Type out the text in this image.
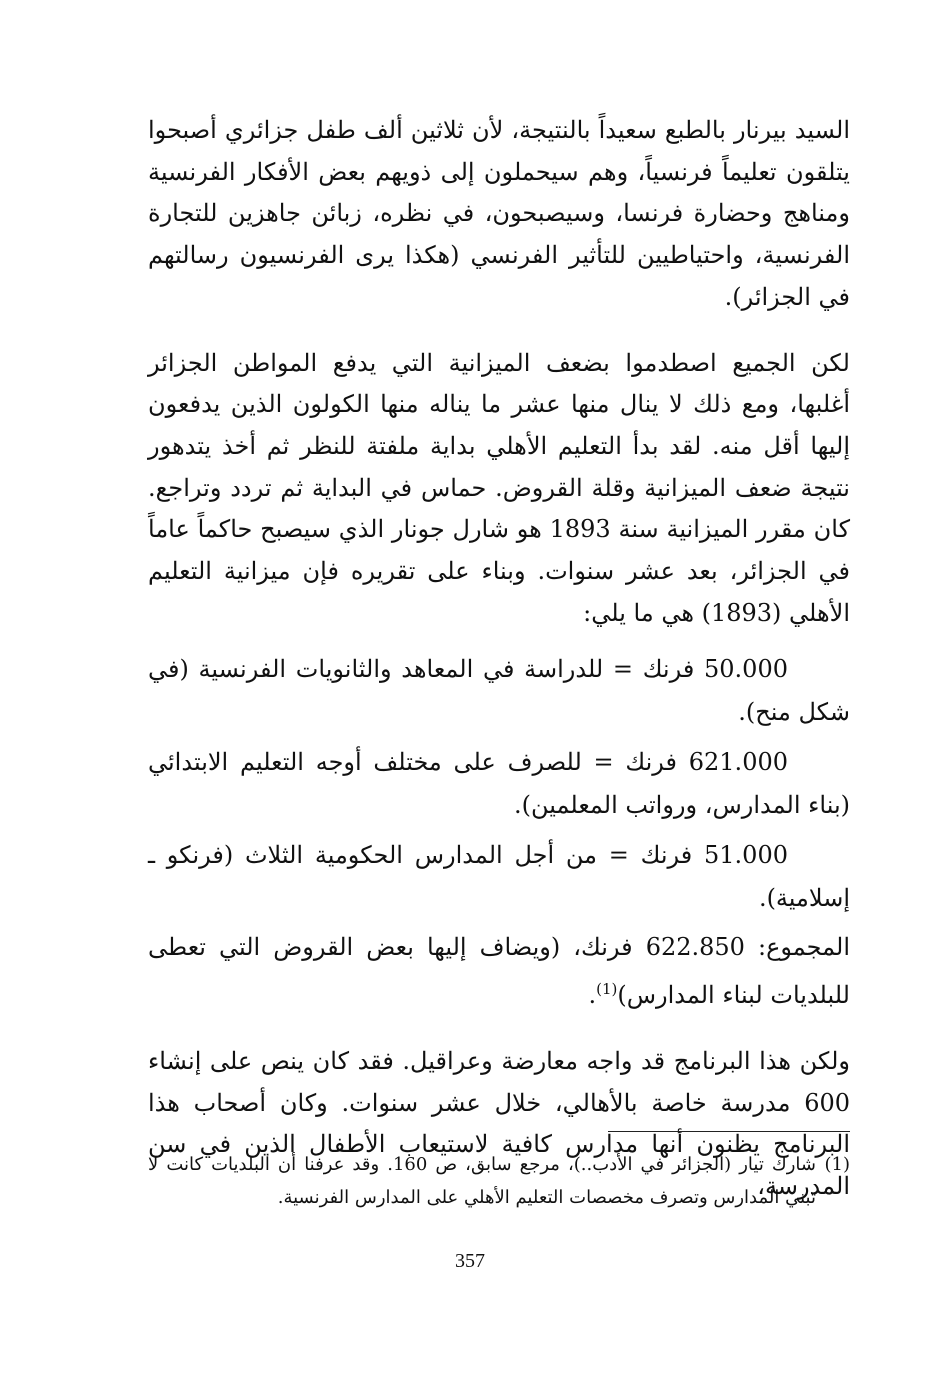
السيد بيرنار بالطبع سعيداً بالنتيجة، لأن ثلاثين ألف طفل جزائري أصبحوا يتلقون تعليماً فرنسياً، وهم سيحملون إلى ذويهم بعض الأفكار الفرنسية ومناهج وحضارة فرنسا، وسيصبحون، في نظره، زبائن جاهزين للتجارة الفرنسية، واحتياطيين للتأثير الفرنسي (هكذا يرى الفرنسيون رسالتهم في الجزائر).

لكن الجميع اصطدموا بضعف الميزانية التي يدفع المواطن الجزائر أغلبها، ومع ذلك لا ينال منها عشر ما يناله منها الكولون الذين يدفعون إليها أقل منه. لقد بدأ التعليم الأهلي بداية ملفتة للنظر ثم أخذ يتدهور نتيجة ضعف الميزانية وقلة القروض. حماس في البداية ثم تردد وتراجع. كان مقرر الميزانية سنة 1893 هو شارل جونار الذي سيصبح حاكماً عاماً في الجزائر، بعد عشر سنوات. وبناء على تقريره فإن ميزانية التعليم الأهلي (1893) هي ما يلي:

50.000 فرنك = للدراسة في المعاهد والثانويات الفرنسية (في شكل منح).

621.000 فرنك = للصرف على مختلف أوجه التعليم الابتدائي (بناء المدارس، ورواتب المعلمين).

51.000 فرنك = من أجل المدارس الحكومية الثلاث (فرنكو ـ إسلامية).

المجموع: 622.850 فرنك، (ويضاف إليها بعض القروض التي تعطى للبلديات لبناء المدارس)$^{(1)}$.

ولكن هذا البرنامج قد واجه معارضة وعراقيل. فقد كان ينص على إنشاء 600 مدرسة خاصة بالأهالي، خلال عشر سنوات. وكان أصحاب هذا البرنامج يظنون أنها مدارس كافية لاستيعاب الأطفال الذين في سن المدرسة،

(1)
شارك تيار (الجزائر في الأدب..)، مرجع سابق، ص 160. وقد عرفنا أن البلديات كانت لا تبني المدارس وتصرف مخصصات التعليم الأهلي على المدارس الفرنسية.

357
